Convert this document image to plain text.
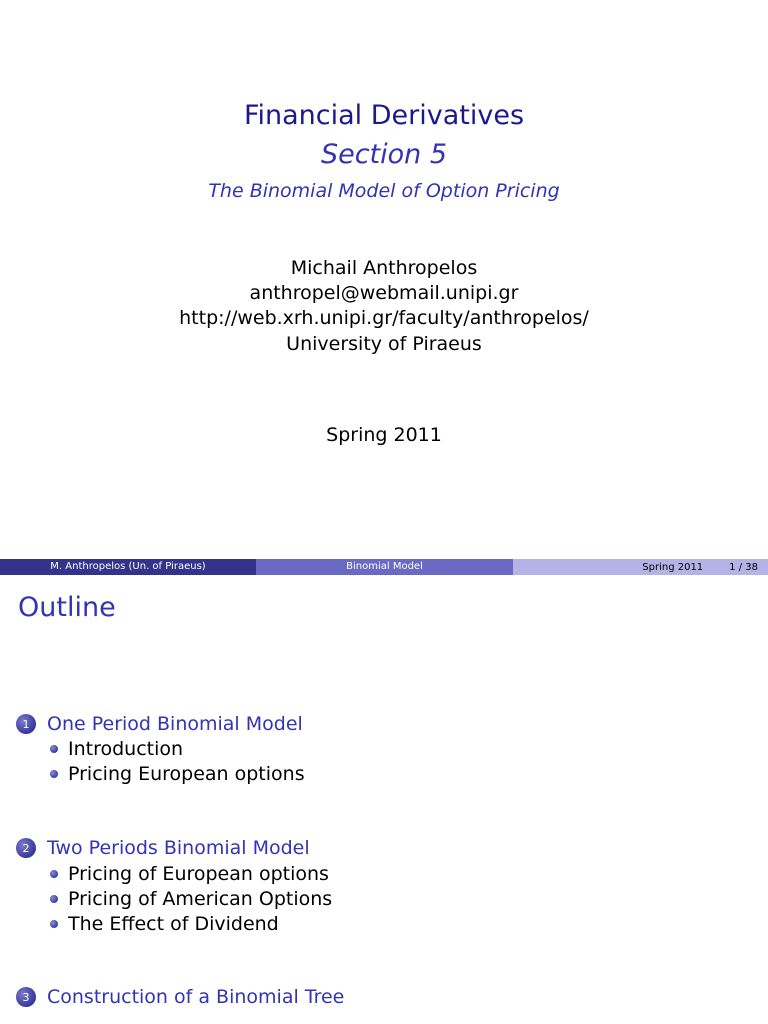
Financial Derivatives
Section 5
The Binomial Model of Option Pricing
Michail Anthropelos
anthropel@webmail.unipi.gr
http://web.xrh.unipi.gr/faculty/anthropelos/
University of Piraeus
Spring 2011
M. Anthropelos (Un. of Piraeus)	Binomial Model	Spring 2011	1 / 38
Outline
1 One Period Binomial Model
Introduction
Pricing European options
2 Two Periods Binomial Model
Pricing of European options
Pricing of American Options
The Effect of Dividend
3 Construction of a Binomial Tree
